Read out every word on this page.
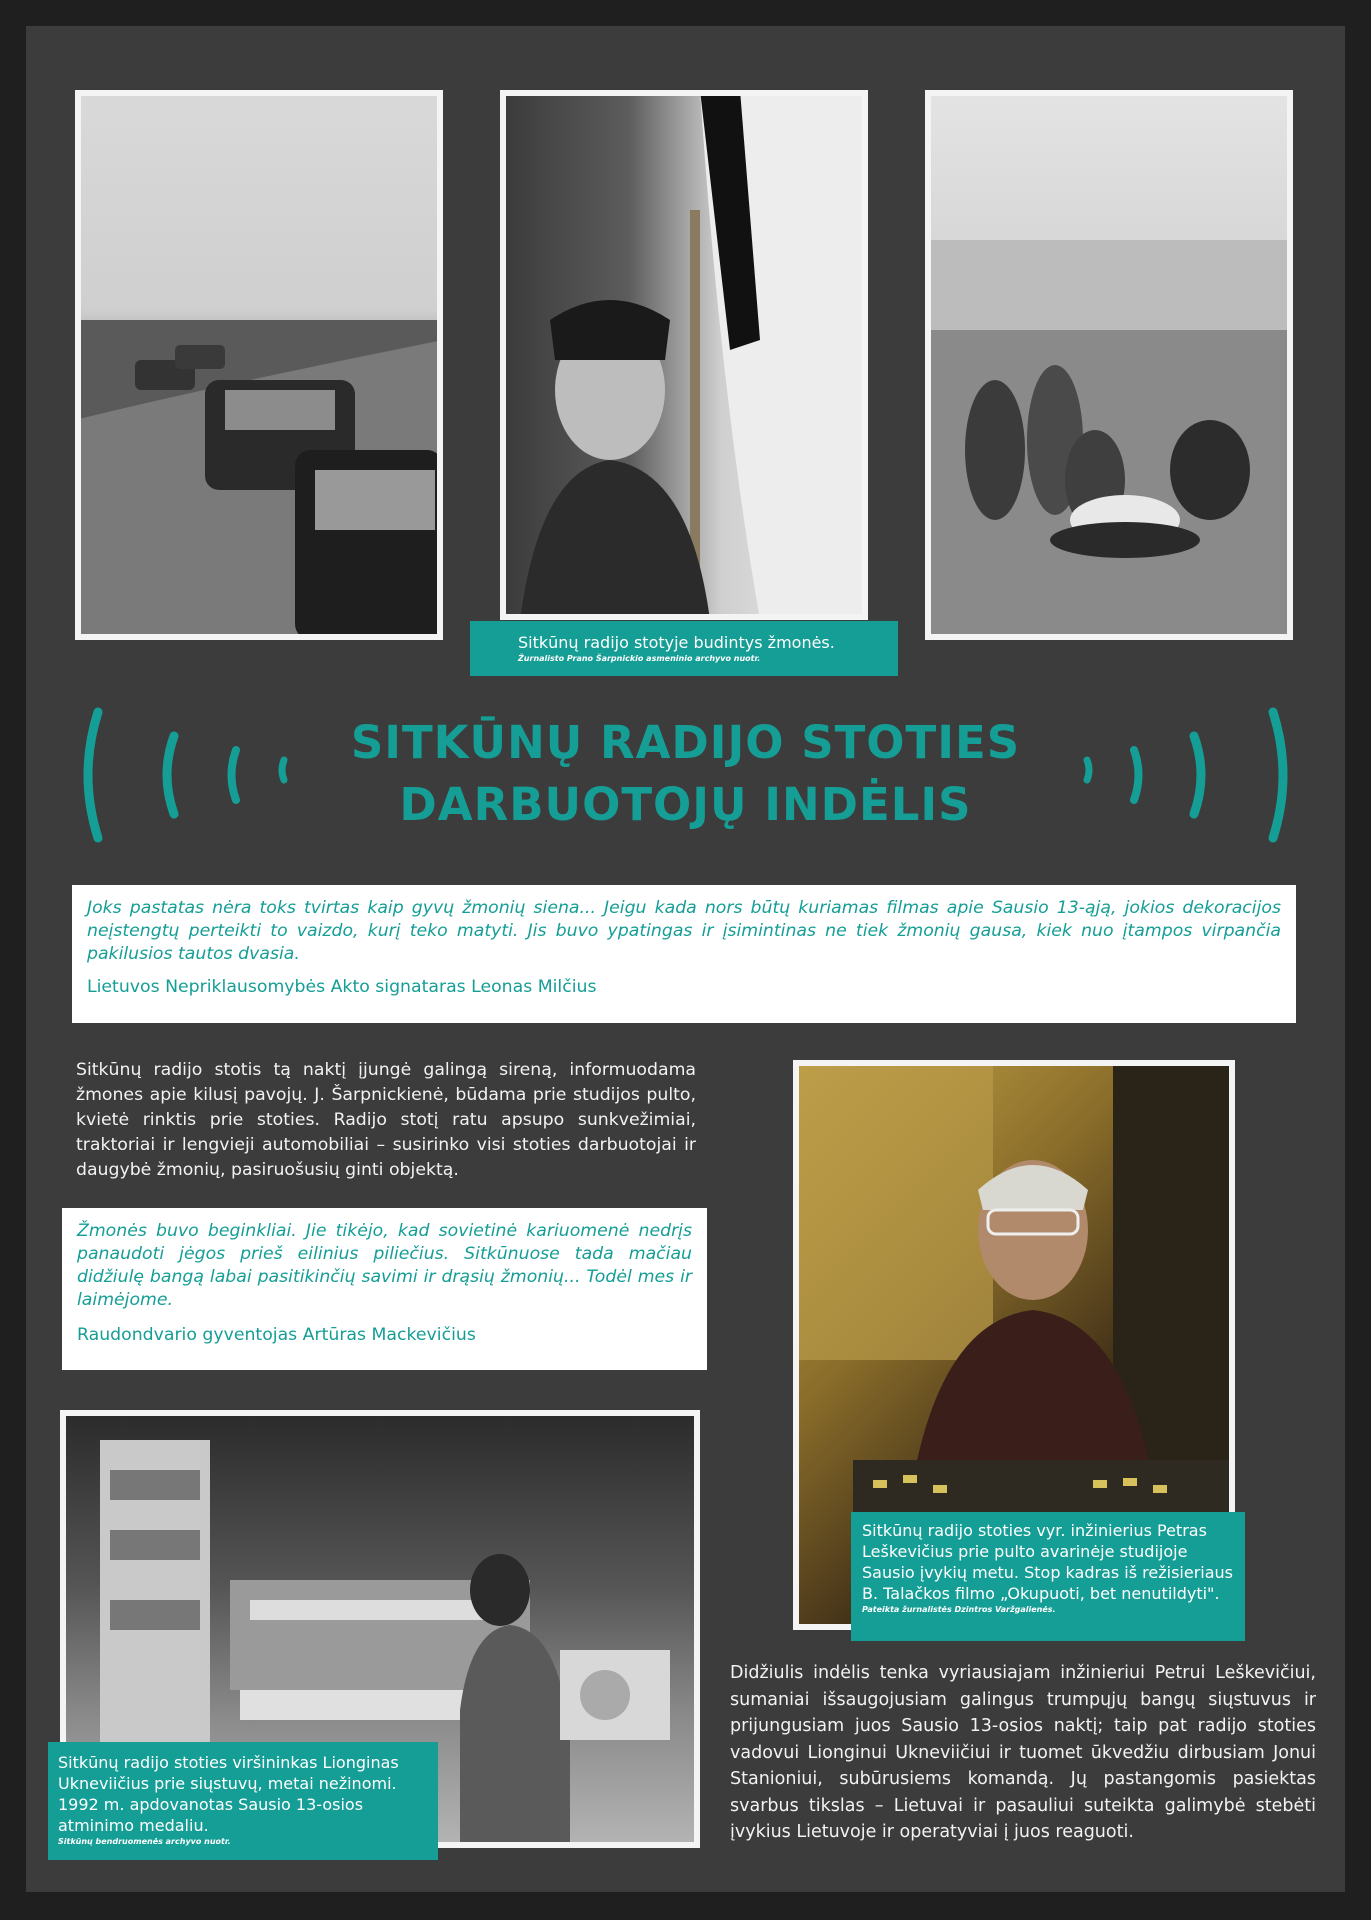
Sitkūnų radijo stotyje budintys žmonės.
Žurnalisto Prano Šarpnickio asmeninio archyvo nuotr.
SITKŪNŲ RADIJO STOTIES
DARBUOTOJŲ INDĖLIS
Joks pastatas nėra toks tvirtas kaip gyvų žmonių siena... Jeigu kada nors būtų kuriamas filmas apie Sausio 13-ąją, jokios dekoracijos neįstengtų perteikti to vaizdo, kurį teko matyti. Jis buvo ypatingas ir įsimintinas ne tiek žmonių gausa, kiek nuo įtampos virpančia pakilusios tautos dvasia.
Lietuvos Nepriklausomybės Akto signataras Leonas Milčius
Sitkūnų radijo stotis tą naktį įjungė galingą sireną, informuodama žmones apie kilusį pavojų. J. Šarpnickienė, būdama prie studijos pulto, kvietė rinktis prie stoties. Radijo stotį ratu apsupo sunkvežimiai, traktoriai ir lengvieji automobiliai – susirinko visi stoties darbuotojai ir daugybė žmonių, pasiruošusių ginti objektą.
Žmonės buvo beginkliai. Jie tikėjo, kad sovietinė kariuomenė nedrįs panaudoti jėgos prieš eilinius piliečius. Sitkūnuose tada mačiau didžiulę bangą labai pasitikinčių savimi ir drąsių žmonių... Todėl mes ir laimėjome.
Raudondvario gyventojas Artūras Mackevičius
Sitkūnų radijo stoties vyr. inžinierius Petras Leškevičius prie pulto avarinėje studijoje Sausio įvykių metu. Stop kadras iš režisieriaus B. Talačkos filmo „Okupuoti, bet nenutildyti".
Pateikta žurnalistės Dzintros Varžgalienės.
Sitkūnų radijo stoties viršininkas Lionginas Ukneviičius prie siųstuvų, metai nežinomi. 1992 m. apdovanotas Sausio 13-osios atminimo medaliu.
Sitkūnų bendruomenės archyvo nuotr.
Didžiulis indėlis tenka vyriausiajam inžinieriui Petrui Leškevičiui, sumaniai išsaugojusiam galingus trumpųjų bangų siųstuvus ir prijungusiam juos Sausio 13-osios naktį; taip pat radijo stoties vadovui Lionginui Ukneviičiui ir tuomet ūkvedžiu dirbusiam Jonui Stanioniui, subūrusiems komandą. Jų pastangomis pasiektas svarbus tikslas – Lietuvai ir pasauliui suteikta galimybė stebėti įvykius Lietuvoje ir operatyviai į juos reaguoti.
